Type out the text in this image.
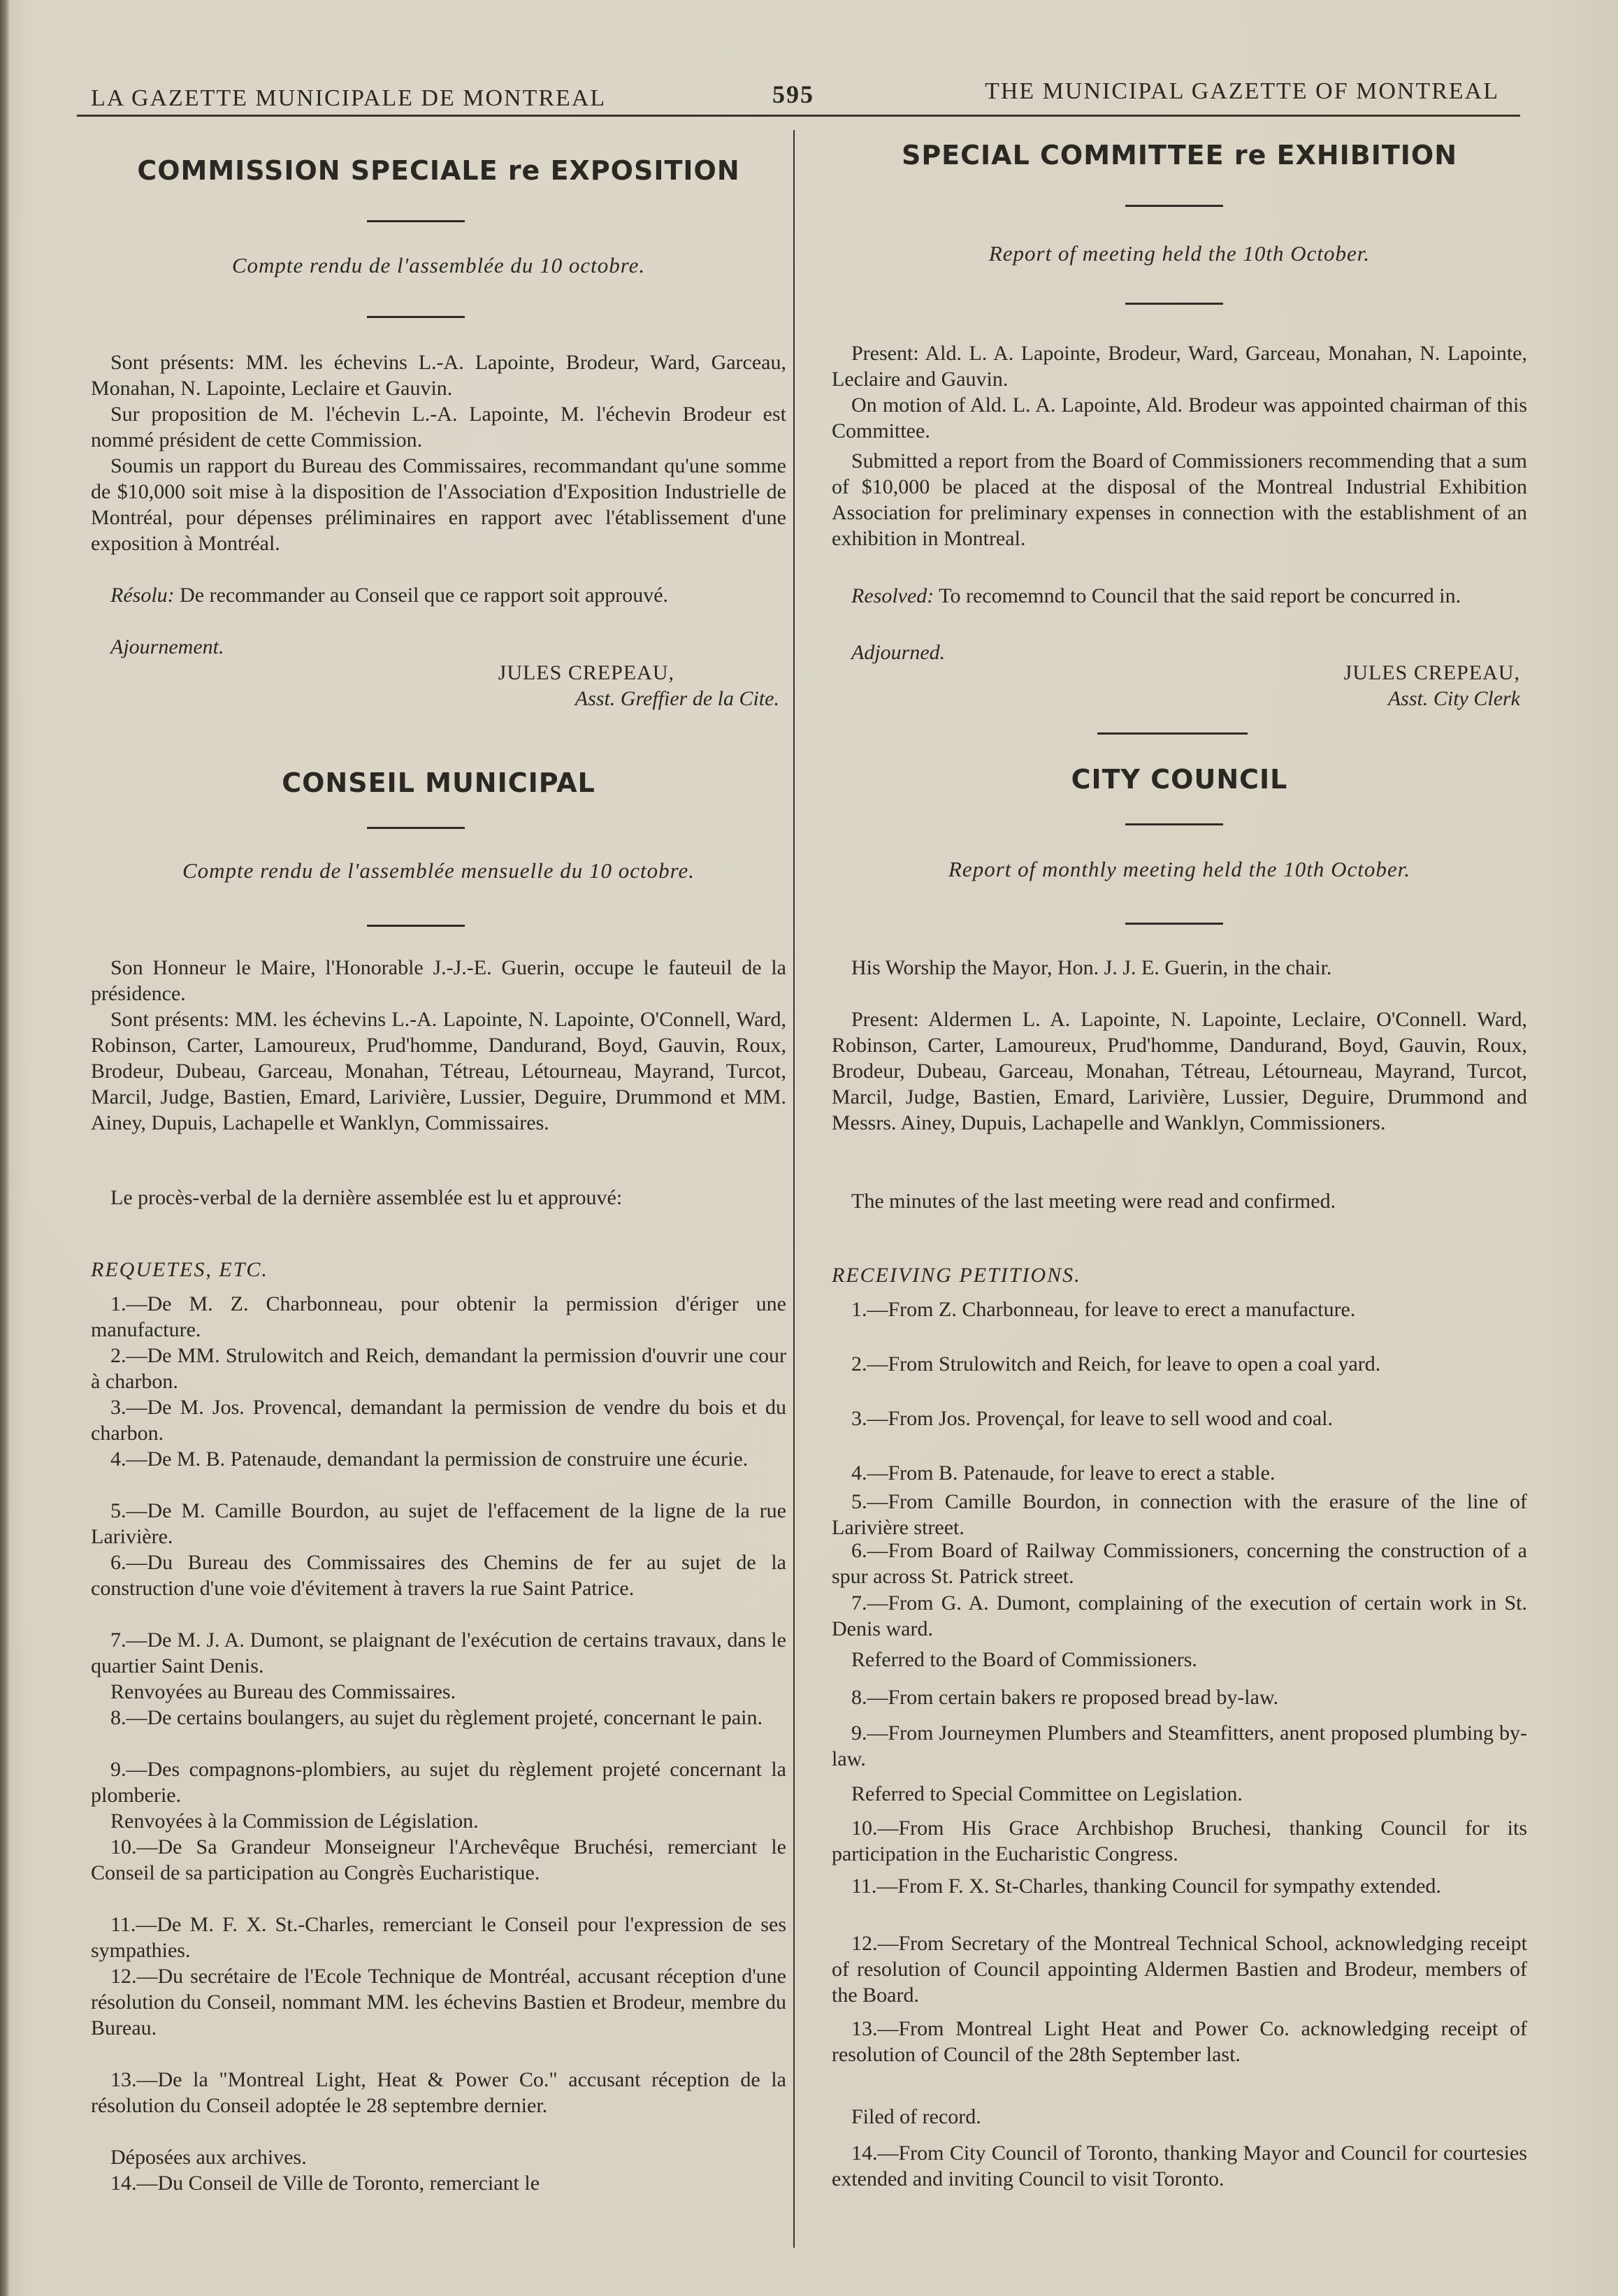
LA GAZETTE MUNICIPALE DE MONTREAL	595	THE MUNICIPAL GAZETTE OF MONTREAL
COMMISSION SPECIALE re EXPOSITION
Compte rendu de l'assemblée du 10 octobre.
Sont présents: MM. les échevins L.-A. Lapointe, Brodeur, Ward, Garceau, Monahan, N. Lapointe, Leclaire et Gauvin.
Sur proposition de M. l'échevin L.-A. Lapointe, M. l'échevin Brodeur est nommé président de cette Commission.
Soumis un rapport du Bureau des Commissaires, recommandant qu'une somme de $10,000 soit mise à la disposition de l'Association d'Exposition Industrielle de Montréal, pour dépenses préliminaires en rapport avec l'établissement d'une exposition à Montréal.
Résolu: De recommander au Conseil que ce rapport soit approuvé.
Ajournement.
JULES CREPEAU,
Asst. Greffier de la Cite.
CONSEIL MUNICIPAL
Compte rendu de l'assemblée mensuelle du 10 octobre.
Son Honneur le Maire, l'Honorable J.-J.-E. Guerin, occupe le fauteuil de la présidence.
Sont présents: MM. les échevins L.-A. Lapointe, N. Lapointe, O'Connell, Ward, Robinson, Carter, Lamoureux, Prud'homme, Dandurand, Boyd, Gauvin, Roux, Brodeur, Dubeau, Garceau, Monahan, Tétreau, Létourneau, Mayrand, Turcot, Marcil, Judge, Bastien, Emard, Larivière, Lussier, Deguire, Drummond et MM. Ainey, Dupuis, Lachapelle et Wanklyn, Commissaires.
Le procès-verbal de la dernière assemblée est lu et approuvé:
REQUETES, ETC.
1.—De M. Z. Charbonneau, pour obtenir la permission d'ériger une manufacture.
2.—De MM. Strulowitch and Reich, demandant la permission d'ouvrir une cour à charbon.
3.—De M. Jos. Provencal, demandant la permission de vendre du bois et du charbon.
4.—De M. B. Patenaude, demandant la permission de construire une écurie.
5.—De M. Camille Bourdon, au sujet de l'effacement de la ligne de la rue Larivière.
6.—Du Bureau des Commissaires des Chemins de fer au sujet de la construction d'une voie d'évitement à travers la rue Saint Patrice.
7.—De M. J. A. Dumont, se plaignant de l'exécution de certains travaux, dans le quartier Saint Denis.
Renvoyées au Bureau des Commissaires.
8.—De certains boulangers, au sujet du règlement projeté, concernant le pain.
9.—Des compagnons-plombiers, au sujet du règlement projeté concernant la plomberie.
Renvoyées à la Commission de Législation.
10.—De Sa Grandeur Monseigneur l'Archevêque Bruchési, remerciant le Conseil de sa participation au Congrès Eucharistique.
11.—De M. F. X. St.-Charles, remerciant le Conseil pour l'expression de ses sympathies.
12.—Du secrétaire de l'Ecole Technique de Montréal, accusant réception d'une résolution du Conseil, nommant MM. les échevins Bastien et Brodeur, membre du Bureau.
13.—De la "Montreal Light, Heat & Power Co." accusant réception de la résolution du Conseil adoptée le 28 septembre dernier.
Déposées aux archives.
14.—Du Conseil de Ville de Toronto, remerciant le
SPECIAL COMMITTEE re EXHIBITION
Report of meeting held the 10th October.
Present: Ald. L. A. Lapointe, Brodeur, Ward, Garceau, Monahan, N. Lapointe, Leclaire and Gauvin.
On motion of Ald. L. A. Lapointe, Ald. Brodeur was appointed chairman of this Committee.
Submitted a report from the Board of Commissioners recommending that a sum of $10,000 be placed at the disposal of the Montreal Industrial Exhibition Association for preliminary expenses in connection with the establishment of an exhibition in Montreal.
Resolved: To recomemnd to Council that the said report be concurred in.
Adjourned.
JULES CREPEAU,
Asst. City Clerk
CITY COUNCIL
Report of monthly meeting held the 10th October.
His Worship the Mayor, Hon. J. J. E. Guerin, in the chair.
Present: Aldermen L. A. Lapointe, N. Lapointe, Leclaire, O'Connell. Ward, Robinson, Carter, Lamoureux, Prud'homme, Dandurand, Boyd, Gauvin, Roux, Brodeur, Dubeau, Garceau, Monahan, Tétreau, Létourneau, Mayrand, Turcot, Marcil, Judge, Bastien, Emard, Larivière, Lussier, Deguire, Drummond and Messrs. Ainey, Dupuis, Lachapelle and Wanklyn, Commissioners.
The minutes of the last meeting were read and confirmed.
RECEIVING PETITIONS.
1.—From Z. Charbonneau, for leave to erect a manufacture.
2.—From Strulowitch and Reich, for leave to open a coal yard.
3.—From Jos. Provençal, for leave to sell wood and coal.
4.—From B. Patenaude, for leave to erect a stable.
5.—From Camille Bourdon, in connection with the erasure of the line of Larivière street.
6.—From Board of Railway Commissioners, concerning the construction of a spur across St. Patrick street.
7.—From G. A. Dumont, complaining of the execution of certain work in St. Denis ward.
Referred to the Board of Commissioners.
8.—From certain bakers re proposed bread by-law.
9.—From Journeymen Plumbers and Steamfitters, anent proposed plumbing by-law.
Referred to Special Committee on Legislation.
10.—From His Grace Archbishop Bruchesi, thanking Council for its participation in the Eucharistic Congress.
11.—From F. X. St-Charles, thanking Council for sympathy extended.
12.—From Secretary of the Montreal Technical School, acknowledging receipt of resolution of Council appointing Aldermen Bastien and Brodeur, members of the Board.
13.—From Montreal Light Heat and Power Co. acknowledging receipt of resolution of Council of the 28th September last.
Filed of record.
14.—From City Council of Toronto, thanking Mayor and Council for courtesies extended and inviting Council to visit Toronto.
